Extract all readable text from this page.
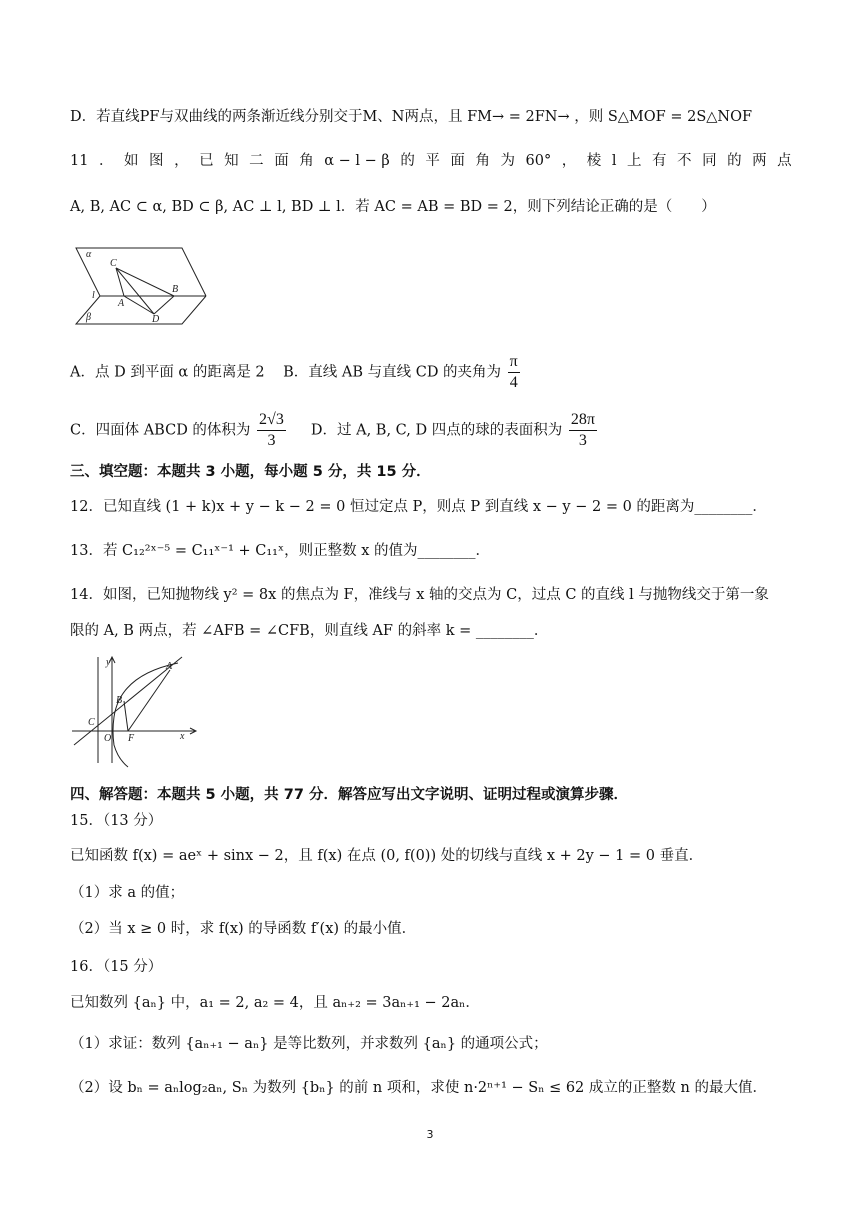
D．若直线PF与双曲线的两条渐近线分别交于M、N两点，且 FM→ = 2FN→ ，则 S△MOF = 2S△NOF
11 ． 如 图 ， 已 知 二 面 角 α − l − β 的 平 面 角 为 60° ， 棱 l 上 有 不 同 的 两 点
A, B, AC ⊂ α, BD ⊂ β, AC ⊥ l, BD ⊥ l．若 AC = AB = BD = 2，则下列结论正确的是（　　）
α
C
l
A
B
β	D
A．点 D 到平面 α 的距离是 2 B．直线 AB 与直线 CD 的夹角为 $\frac{\pi}{4}$
C．四面体 ABCD 的体积为 $\frac{2√3}{3}$ D．过 A, B, C, D 四点的球的表面积为 $\frac{28\pi}{3}$
三、填空题：本题共 3 小题，每小题 5 分，共 15 分．
12．已知直线 (1 + k)x + y − k − 2 = 0 恒过定点 P，则点 P 到直线 x − y − 2 = 0 的距离为________．
13．若 C₁₂²ˣ⁻⁵ = C₁₁ˣ⁻¹ + C₁₁ˣ，则正整数 x 的值为________．
14．如图，已知抛物线 y² = 8x 的焦点为 F，准线与 x 轴的交点为 C，过点 C 的直线 l 与抛物线交于第一象
限的 A, B 两点，若 ∠AFB = ∠CFB，则直线 AF 的斜率 k = ________．
y	A
B
C
O F	x
四、解答题：本题共 5 小题，共 77 分．解答应写出文字说明、证明过程或演算步骤．
15．（13 分）
已知函数 f(x) = aeˣ + sinx − 2，且 f(x) 在点 (0, f(0)) 处的切线与直线 x + 2y − 1 = 0 垂直．
（1）求 a 的值；
（2）当 x ≥ 0 时，求 f(x) 的导函数 f′(x) 的最小值．
16．（15 分）
已知数列 {aₙ} 中，a₁ = 2, a₂ = 4，且 aₙ₊₂ = 3aₙ₊₁ − 2aₙ．
（1）求证：数列 {aₙ₊₁ − aₙ} 是等比数列，并求数列 {aₙ} 的通项公式；
（2）设 bₙ = aₙlog₂aₙ, Sₙ 为数列 {bₙ} 的前 n 项和，求使 n·2ⁿ⁺¹ − Sₙ ≤ 62 成立的正整数 n 的最大值．
3
